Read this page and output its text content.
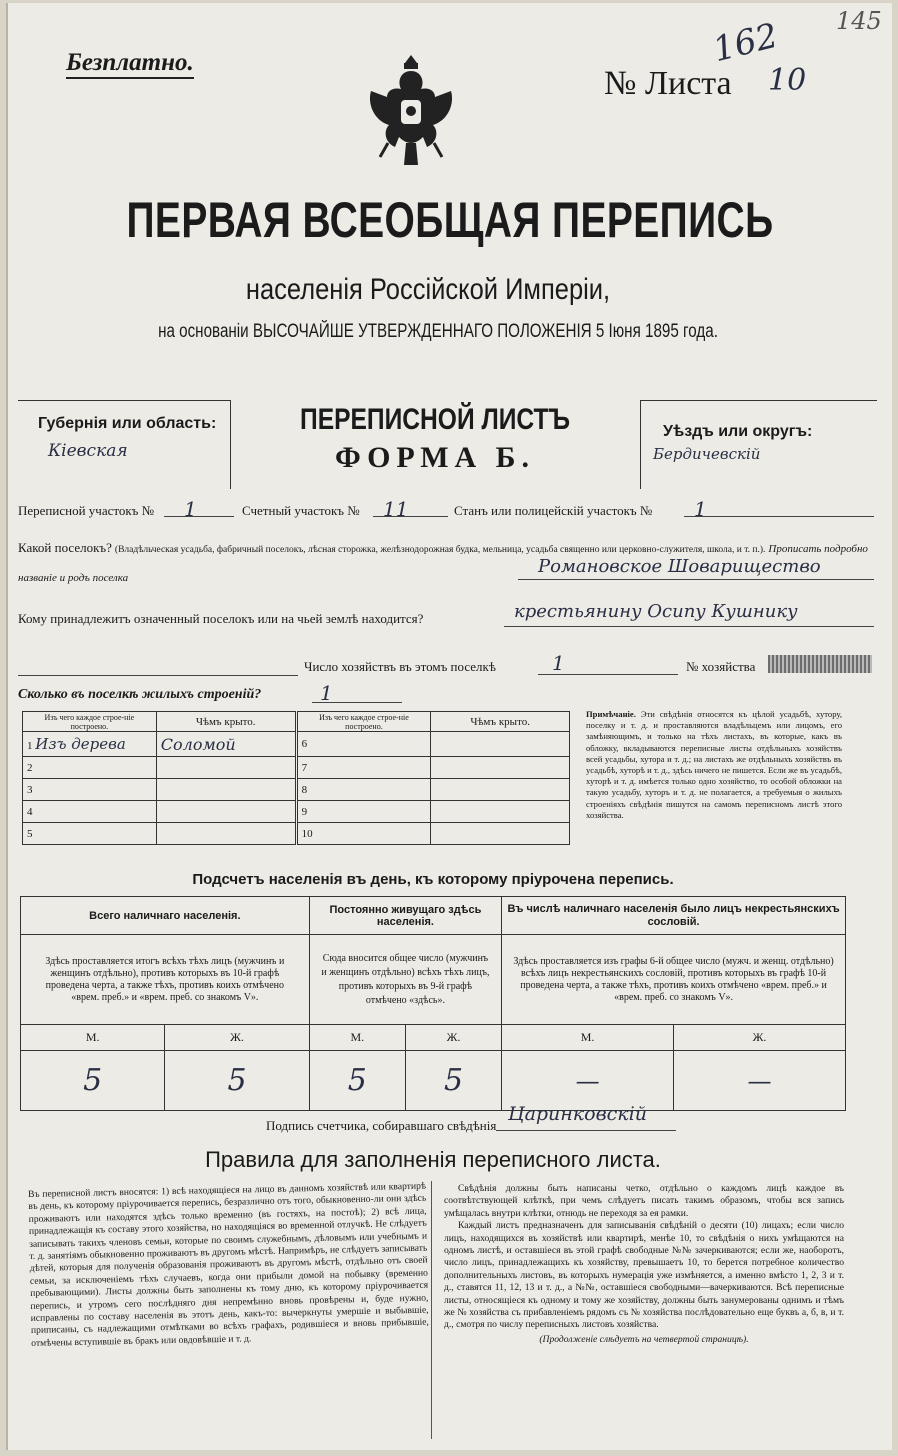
Безплатно.
№ Листа 10
162 145
ПЕРВАЯ ВСЕОБЩАЯ ПЕРЕПИСЬ
населенія Россійской Имперіи,
на основаніи ВЫСОЧАЙШЕ УТВЕРЖДЕННАГО ПОЛОЖЕНІЯ 5 Іюня 1895 года.
Губернія или область:
Кіевская
ПЕРЕПИСНОЙ ЛИСТЪ
ФОРМА Б.
Уѣздъ или округъ:
Бердичевскій
Переписной участокъ №	1	Счетный участокъ №	11	Станъ или полицейскій участокъ №	1
Какой поселокъ? (Владѣльческая усадьба, фабричный поселокъ, лѣсная сторожка, желѣзнодорожная будка, мельница, усадьба священно или церковно-служителя, школа, и т. п.). Прописать подробно названіе и родъ поселка
Романовское Шоварищество
Кому принадлежитъ означенный поселокъ или на чьей землѣ находится?	крестьянину Осипу Кушнику
Число хозяйствъ въ этомъ поселкѣ	1	№ хозяйства
Сколько въ поселкѣ жилыхъ строеній?	1
Изъ чего каждое строе-ніе построено.	Чѣмъ крыто.	Изъ чего каждое строе-ніе построено.	Чѣмъ крыто.
1 Изъ дерева	Соломой	6	
2		7	
3		8	
4		9	
5		10	
Примѣчаніе. Эти свѣдѣнія относятся къ цѣлой усадьбѣ, хутору, поселку и т. д. и проставляются владѣльцемъ или лицомъ, его замѣняющимъ, и только на тѣхъ листахъ, въ которые, какъ въ обложку, вкладываются переписные листы отдѣльныхъ хозяйствъ всей усадьбы, хутора и т. д.; на листахъ же отдѣльныхъ хозяйствъ въ усадьбѣ, хуторѣ и т. д., здѣсь ничего не пишется. Если же въ усадьбѣ, хуторѣ и т. д. имѣется только одно хозяйство, то особой обложки на такую усадьбу, хуторъ и т. д. не полагается, а требуемыя о жилыхъ строеніяхъ свѣдѣнія пишутся на самомъ переписномъ листѣ этого хозяйства.
Подсчетъ населенія въ день, къ которому пріурочена перепись.
Всего наличнаго населенія.		Постоянно живущаго здѣсь населенія.		Въ числѣ наличнаго населенія было лицъ некрестьянскихъ сословій.	
Здѣсь проставляется итогъ всѣхъ тѣхъ лицъ (мужчинъ и женщинъ отдѣльно), противъ которыхъ въ 10-й графѣ проведена черта, а также тѣхъ, противъ коихъ отмѣчено «врем. преб.» и «врем. преб. со знакомъ V».		Сюда вносится общее число (мужчинъ и женщинъ отдѣльно) всѣхъ тѣхъ лицъ, противъ которыхъ въ 9-й графѣ отмѣчено «здѣсь».		Здѣсь проставляется изъ графы 6-й общее число (мужч. и женщ. отдѣльно) всѣхъ лицъ некрестьянскихъ сословій, противъ которыхъ въ графѣ 10-й проведена черта, а также тѣхъ, противъ коихъ отмѣчено «врем. преб.» и «врем. преб. со знакомъ V».	
М.	Ж.	М.	Ж.	М.	Ж.
5	5	5	5	—	—
Подпись счетчика, собиравшаго свѣдѣнія
Царинковскій
Правила для заполненія переписного листа.
Въ переписной листъ вносятся: 1) всѣ находящіеся на лицо въ данномъ хозяйствѣ или квартирѣ въ день, къ которому пріурочивается перепись, безразлично отъ того, обыкновенно-ли они здѣсь проживаютъ или находятся здѣсь только временно (въ гостяхъ, на постоѣ); 2) всѣ лица, принадлежащія къ составу этого хозяйства, но находящіяся во временной отлучкѣ. Не слѣдуетъ записывать такихъ членовъ семьи, которые по своимъ служебнымъ, дѣловымъ или учебнымъ и т. д. занятіямъ обыкновенно проживаютъ въ другомъ мѣстѣ. Напримѣръ, не слѣдуетъ записывать дѣтей, которыя для полученія образованія проживаютъ въ другомъ мѣстѣ, отдѣльно отъ своей семьи, за исключеніемъ тѣхъ случаевъ, когда они прибыли домой на побывку (временно пребывающими). Листы должны быть заполнены къ тому дню, къ которому пріурочивается перепись, и утромъ сего послѣдняго дня непремѣнно вновь провѣрены и, буде нужно, исправлены по составу населенія въ этотъ день, какъ-то: вычеркнуты умершіе и выбывшіе, приписаны, съ надлежащими отмѣтками во всѣхъ графахъ, родившіеся и вновь прибывшіе, отмѣчены вступившіе въ бракъ или овдовѣвшіе и т. д.
Свѣдѣнія должны быть написаны четко, отдѣльно о каждомъ лицѣ каждое въ соотвѣтствующей клѣткѣ, при чемъ слѣдуетъ писать такимъ образомъ, чтобы вся запись умѣщалась внутри клѣтки, отнюдь не переходя за ея рамки.
Каждый листъ предназначенъ для записыванія свѣдѣній о десяти (10) лицахъ; если число лицъ, находящихся въ хозяйствѣ или квартирѣ, менѣе 10, то свѣдѣнія о нихъ умѣщаются на одномъ листѣ, и оставшіеся въ этой графѣ свободные №№ зачеркиваются; если же, наоборотъ, число лицъ, принадлежащихъ къ хозяйству, превышаетъ 10, то берется потребное количество дополнительныхъ листовъ, въ которыхъ нумерація уже измѣняется, а именно вмѣсто 1, 2, 3 и т. д., ставятся 11, 12, 13 и т. д., а №№, оставшіеся свободными—вачеркиваются. Всѣ переписные листы, относящіеся къ одному и тому же хозяйству, должны быть занумерованы однимъ и тѣмъ же № хозяйства съ прибавленіемъ рядомъ съ № хозяйства послѣдовательно еще буквъ а, б, в, и т. д., смотря по числу переписныхъ листовъ хозяйства.
(Продолженіе слѣдуетъ на четвертой страницѣ).
